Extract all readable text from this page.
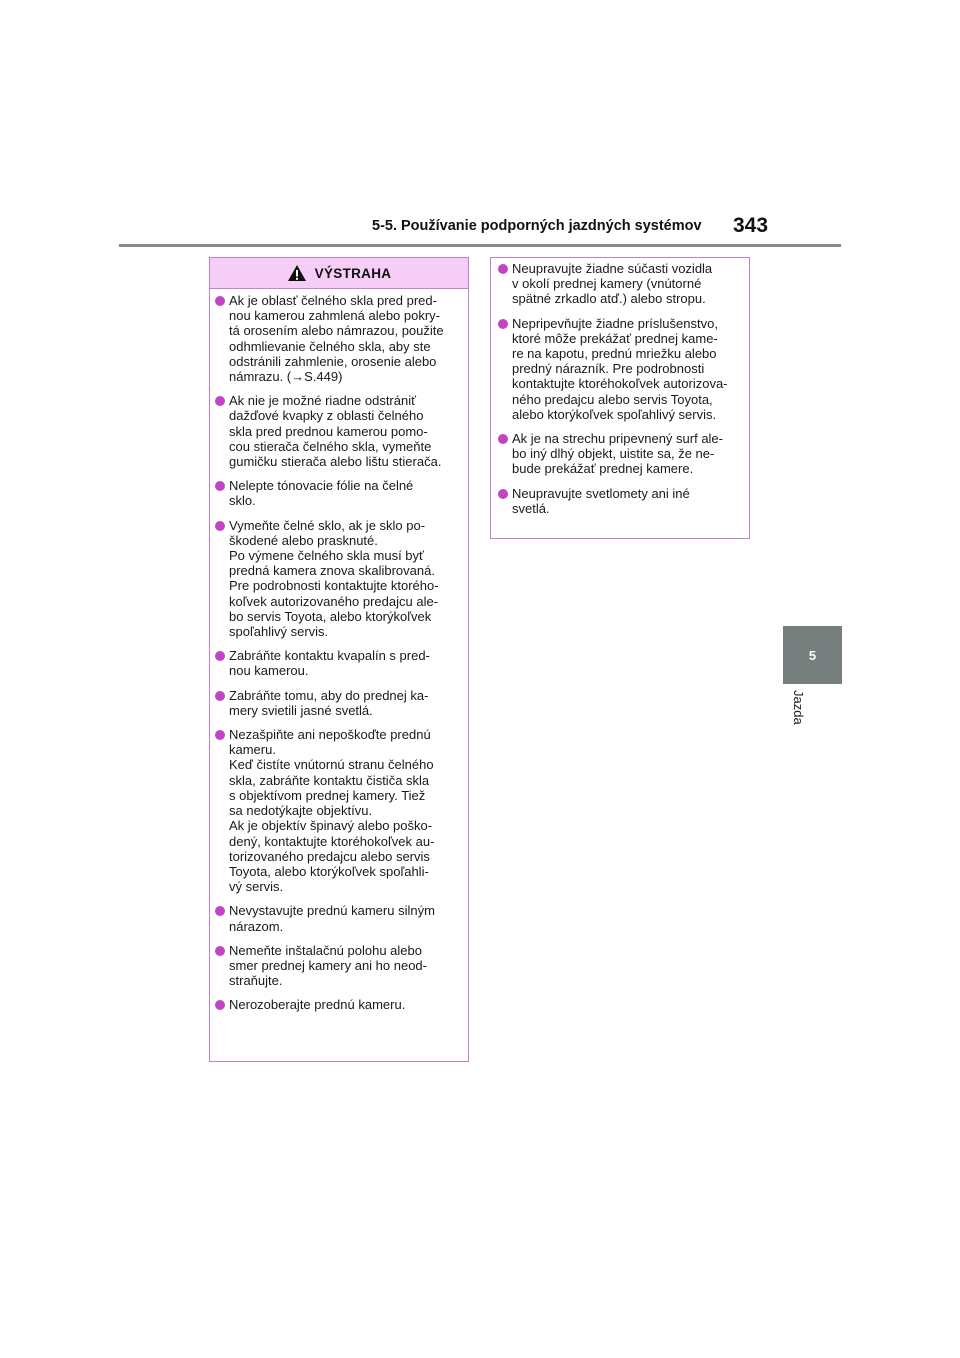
5-5. Používanie podporných jazdných systémov 343
5
Jazda
VÝSTRAHA
Ak je oblasť čelného skla pred pred-
nou kamerou zahmlená alebo pokry-
tá orosením alebo námrazou, použite
odhmlievanie čelného skla, aby ste
odstránili zahmlenie, orosenie alebo
námrazu. (→S.449)
Ak nie je možné riadne odstrániť
dažďové kvapky z oblasti čelného
skla pred prednou kamerou pomo-
cou stierača čelného skla, vymeňte
gumičku stierača alebo lištu stierača.
Nelepte tónovacie fólie na čelné
sklo.
Vymeňte čelné sklo, ak je sklo po-
škodené alebo prasknuté.
Po výmene čelného skla musí byť
predná kamera znova skalibrovaná.
Pre podrobnosti kontaktujte ktorého-
koľvek autorizovaného predajcu ale-
bo servis Toyota, alebo ktorýkoľvek
spoľahlivý servis.
Zabráňte kontaktu kvapalín s pred-
nou kamerou.
Zabráňte tomu, aby do prednej ka-
mery svietili jasné svetlá.
Nezašpiňte ani nepoškoďte prednú
kameru.
Keď čistíte vnútornú stranu čelného
skla, zabráňte kontaktu čističa skla
s objektívom prednej kamery. Tiež
sa nedotýkajte objektívu.
Ak je objektív špinavý alebo poško-
dený, kontaktujte ktoréhokoľvek au-
torizovaného predajcu alebo servis
Toyota, alebo ktorýkoľvek spoľahli-
vý servis.
Nevystavujte prednú kameru silným
nárazom.
Nemeňte inštalačnú polohu alebo
smer prednej kamery ani ho neod-
straňujte.
Nerozoberajte prednú kameru.
Neupravujte žiadne súčasti vozidla
v okolí prednej kamery (vnútorné
spätné zrkadlo atď.) alebo stropu.
Nepripevňujte žiadne príslušenstvo,
ktoré môže prekážať prednej kame-
re na kapotu, prednú mriežku alebo
predný nárazník. Pre podrobnosti
kontaktujte ktoréhokoľvek autorizova-
ného predajcu alebo servis Toyota,
alebo ktorýkoľvek spoľahlivý servis.
Ak je na strechu pripevnený surf ale-
bo iný dlhý objekt, uistite sa, že ne-
bude prekážať prednej kamere.
Neupravujte svetlomety ani iné
svetlá.
